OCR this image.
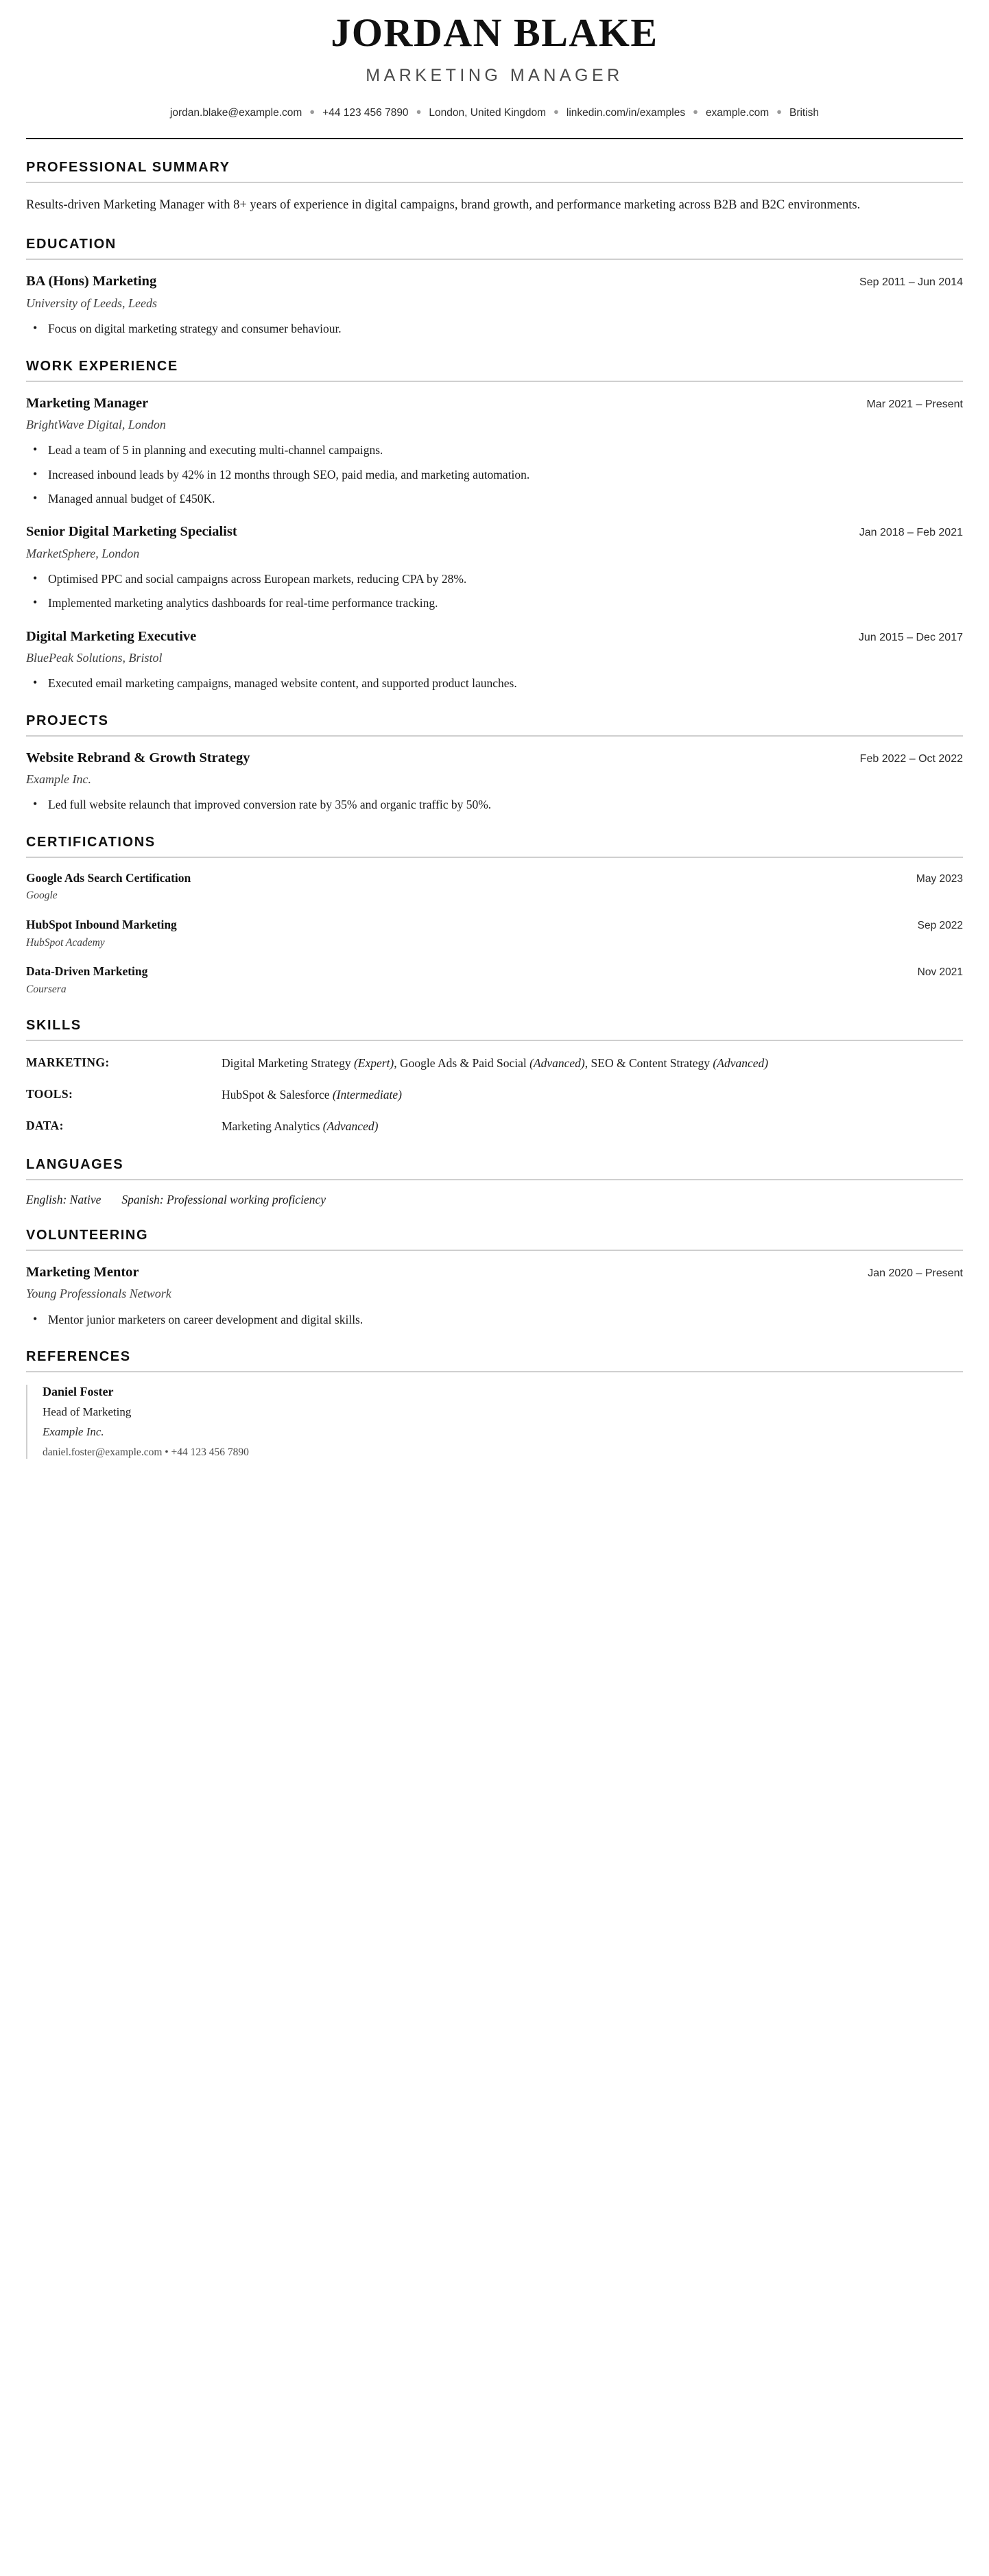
JORDAN BLAKE
MARKETING MANAGER
jordan.blake@example.com ● +44 123 456 7890 ● London, United Kingdom ● linkedin.com/in/examples ● example.com ● British
PROFESSIONAL SUMMARY

Results-driven Marketing Manager with 8+ years of experience in digital campaigns, brand growth, and performance marketing across B2B and B2C environments.

EDUCATION
BA (Hons) Marketing	Sep 2011 – Jun 2014
University of Leeds, Leeds
• Focus on digital marketing strategy and consumer behaviour.
WORK EXPERIENCE
Marketing Manager	Mar 2021 – Present
BrightWave Digital, London
• Lead a team of 5 in planning and executing multi-channel campaigns.
• Increased inbound leads by 42% in 12 months through SEO, paid media, and marketing automation.
• Managed annual budget of £450K.
Senior Digital Marketing Specialist	Jan 2018 – Feb 2021
MarketSphere, London
• Optimised PPC and social campaigns across European markets, reducing CPA by 28%.
• Implemented marketing analytics dashboards for real-time performance tracking.
Digital Marketing Executive	Jun 2015 – Dec 2017
BluePeak Solutions, Bristol
• Executed email marketing campaigns, managed website content, and supported product launches.
PROJECTS
Website Rebrand & Growth Strategy	Feb 2022 – Oct 2022
Example Inc.
• Led full website relaunch that improved conversion rate by 35% and organic traffic by 50%.
CERTIFICATIONS
Google Ads Search Certification	May 2023
Google
HubSpot Inbound Marketing	Sep 2022
HubSpot Academy
Data-Driven Marketing	Nov 2021
Coursera
SKILLS
MARKETING:	Digital Marketing Strategy (Expert), Google Ads & Paid Social (Advanced), SEO & Content Strategy (Advanced)
TOOLS:	HubSpot & Salesforce (Intermediate)
DATA:	Marketing Analytics (Advanced)
LANGUAGES
English: Native Spanish: Professional working proficiency
VOLUNTEERING
Marketing Mentor	Jan 2020 – Present
Young Professionals Network
• Mentor junior marketers on career development and digital skills.
REFERENCES
Daniel Foster
Head of Marketing
Example Inc.
daniel.foster@example.com • +44 123 456 7890
